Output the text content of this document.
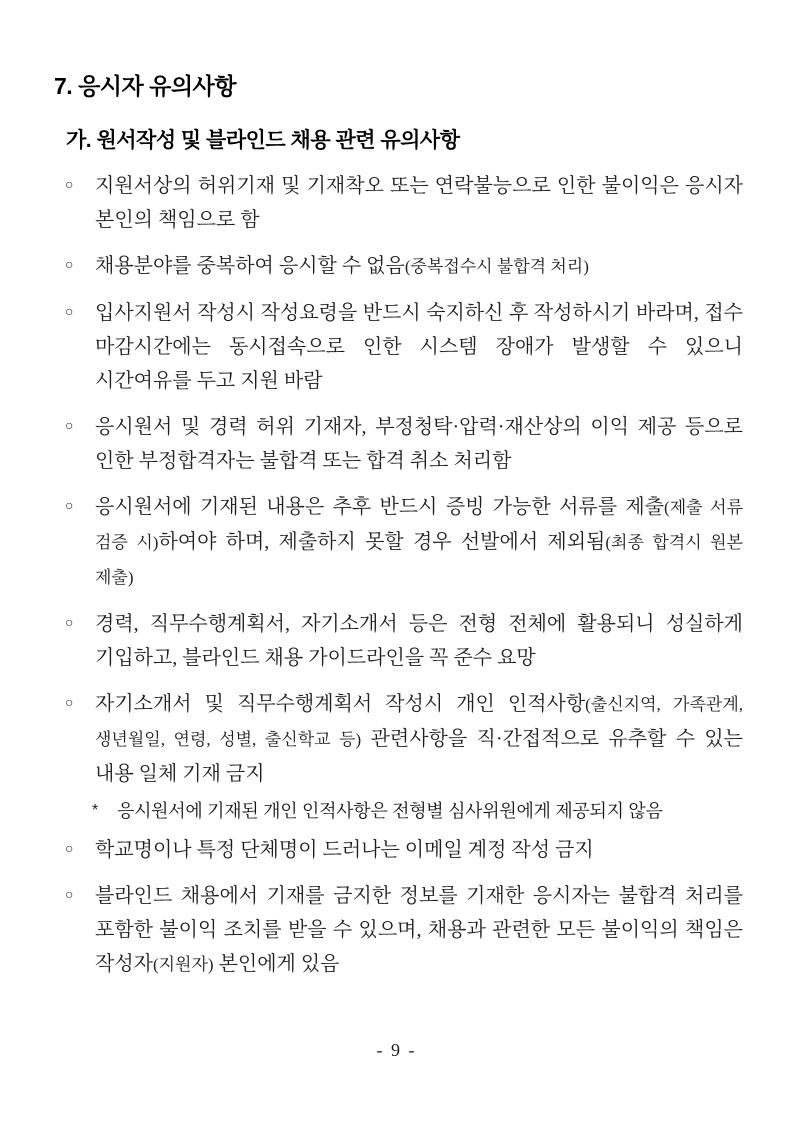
7. 응시자 유의사항
가. 원서작성 및 블라인드 채용 관련 유의사항
○	지원서상의 허위기재 및 기재착오 또는 연락불능으로 인한 불이익은 응시자 본인의 책임으로 함

○	채용분야를 중복하여 응시할 수 없음(중복접수시 불합격 처리)

○	입사지원서 작성시 작성요령을 반드시 숙지하신 후 작성하시기 바라며, 접수 마감시간에는 동시접속으로 인한 시스템 장애가 발생할 수 있으니 시간여유를 두고 지원 바람

○	응시원서 및 경력 허위 기재자, 부정청탁·압력·재산상의 이익 제공 등으로 인한 부정합격자는 불합격 또는 합격 취소 처리함

○	응시원서에 기재된 내용은 추후 반드시 증빙 가능한 서류를 제출(제출 서류 검증 시)하여야 하며, 제출하지 못할 경우 선발에서 제외됨(최종 합격시 원본 제출)

○	경력, 직무수행계획서, 자기소개서 등은 전형 전체에 활용되니 성실하게 기입하고, 블라인드 채용 가이드라인을 꼭 준수 요망

○	자기소개서 및 직무수행계획서 작성시 개인 인적사항(출신지역, 가족관계, 생년월일, 연령, 성별, 출신학교 등) 관련사항을 직·간접적으로 유추할 수 있는 내용 일체 기재 금지

*	응시원서에 기재된 개인 인적사항은 전형별 심사위원에게 제공되지 않음

○	학교명이나 특정 단체명이 드러나는 이메일 계정 작성 금지

○	블라인드 채용에서 기재를 금지한 정보를 기재한 응시자는 불합격 처리를 포함한 불이익 조치를 받을 수 있으며, 채용과 관련한 모든 불이익의 책임은 작성자(지원자) 본인에게 있음

- 9 -
